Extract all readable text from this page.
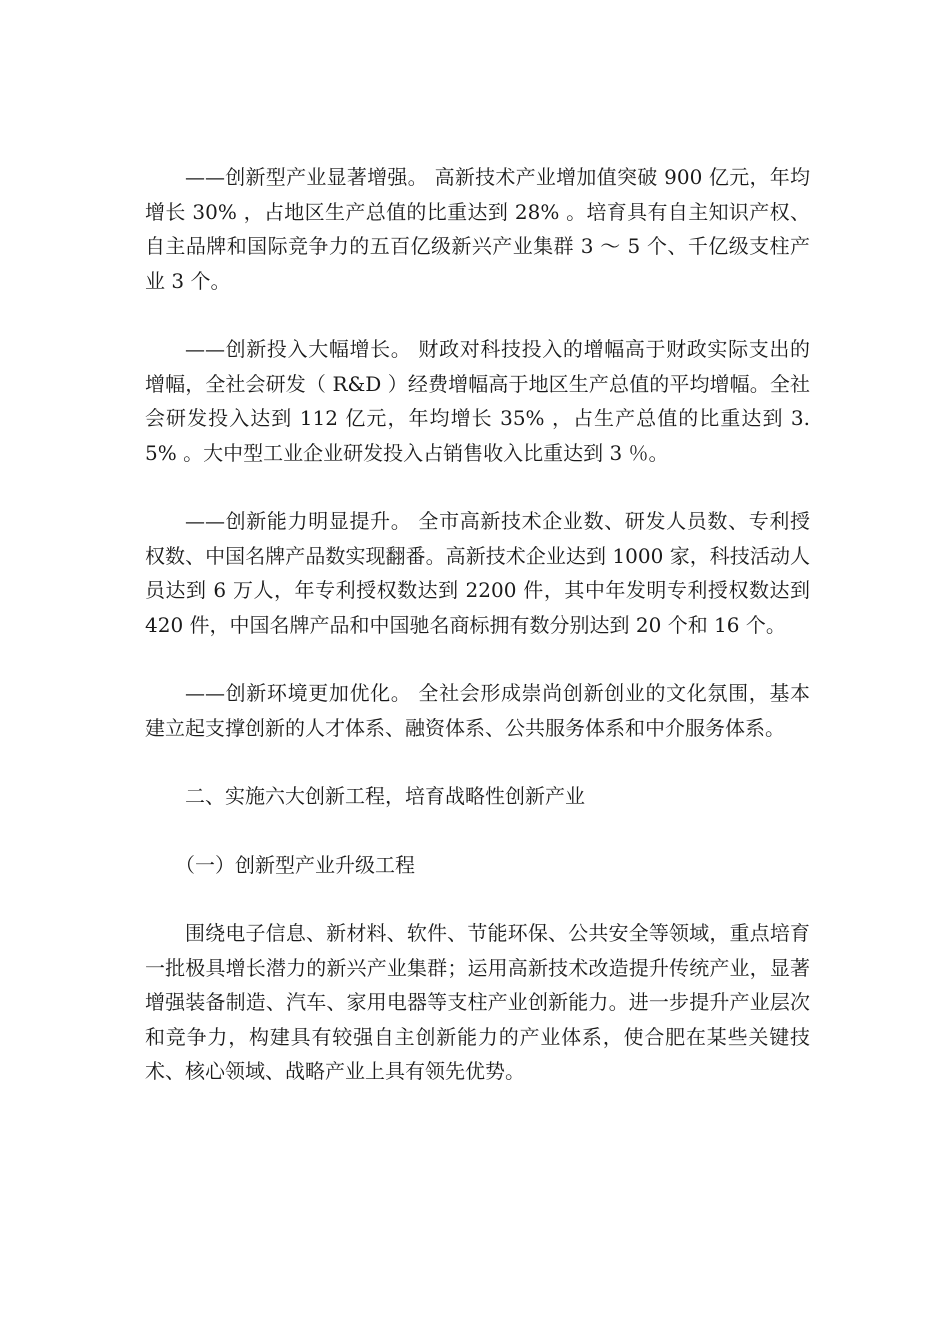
——创新型产业显著增强。 高新技术产业增加值突破 900 亿元，年均增长 30% ，占地区生产总值的比重达到 28% 。培育具有自主知识产权、自主品牌和国际竞争力的五百亿级新兴产业集群 3 ～ 5 个、千亿级支柱产业 3 个。

——创新投入大幅增长。 财政对科技投入的增幅高于财政实际支出的增幅，全社会研发（ R&D ）经费增幅高于地区生产总值的平均增幅。全社会研发投入达到 112 亿元，年均增长 35% ，占生产总值的比重达到 3.5% 。大中型工业企业研发投入占销售收入比重达到 3 ％。

——创新能力明显提升。 全市高新技术企业数、研发人员数、专利授权数、中国名牌产品数实现翻番。高新技术企业达到 1000 家，科技活动人员达到 6 万人，年专利授权数达到 2200 件，其中年发明专利授权数达到 420 件，中国名牌产品和中国驰名商标拥有数分别达到 20 个和 16 个。

——创新环境更加优化。 全社会形成崇尚创新创业的文化氛围，基本建立起支撑创新的人才体系、融资体系、公共服务体系和中介服务体系。

二、实施六大创新工程，培育战略性创新产业

（一）创新型产业升级工程

围绕电子信息、新材料、软件、节能环保、公共安全等领域，重点培育一批极具增长潜力的新兴产业集群；运用高新技术改造提升传统产业，显著增强装备制造、汽车、家用电器等支柱产业创新能力。进一步提升产业层次和竞争力，构建具有较强自主创新能力的产业体系，使合肥在某些关键技术、核心领域、战略产业上具有领先优势。
